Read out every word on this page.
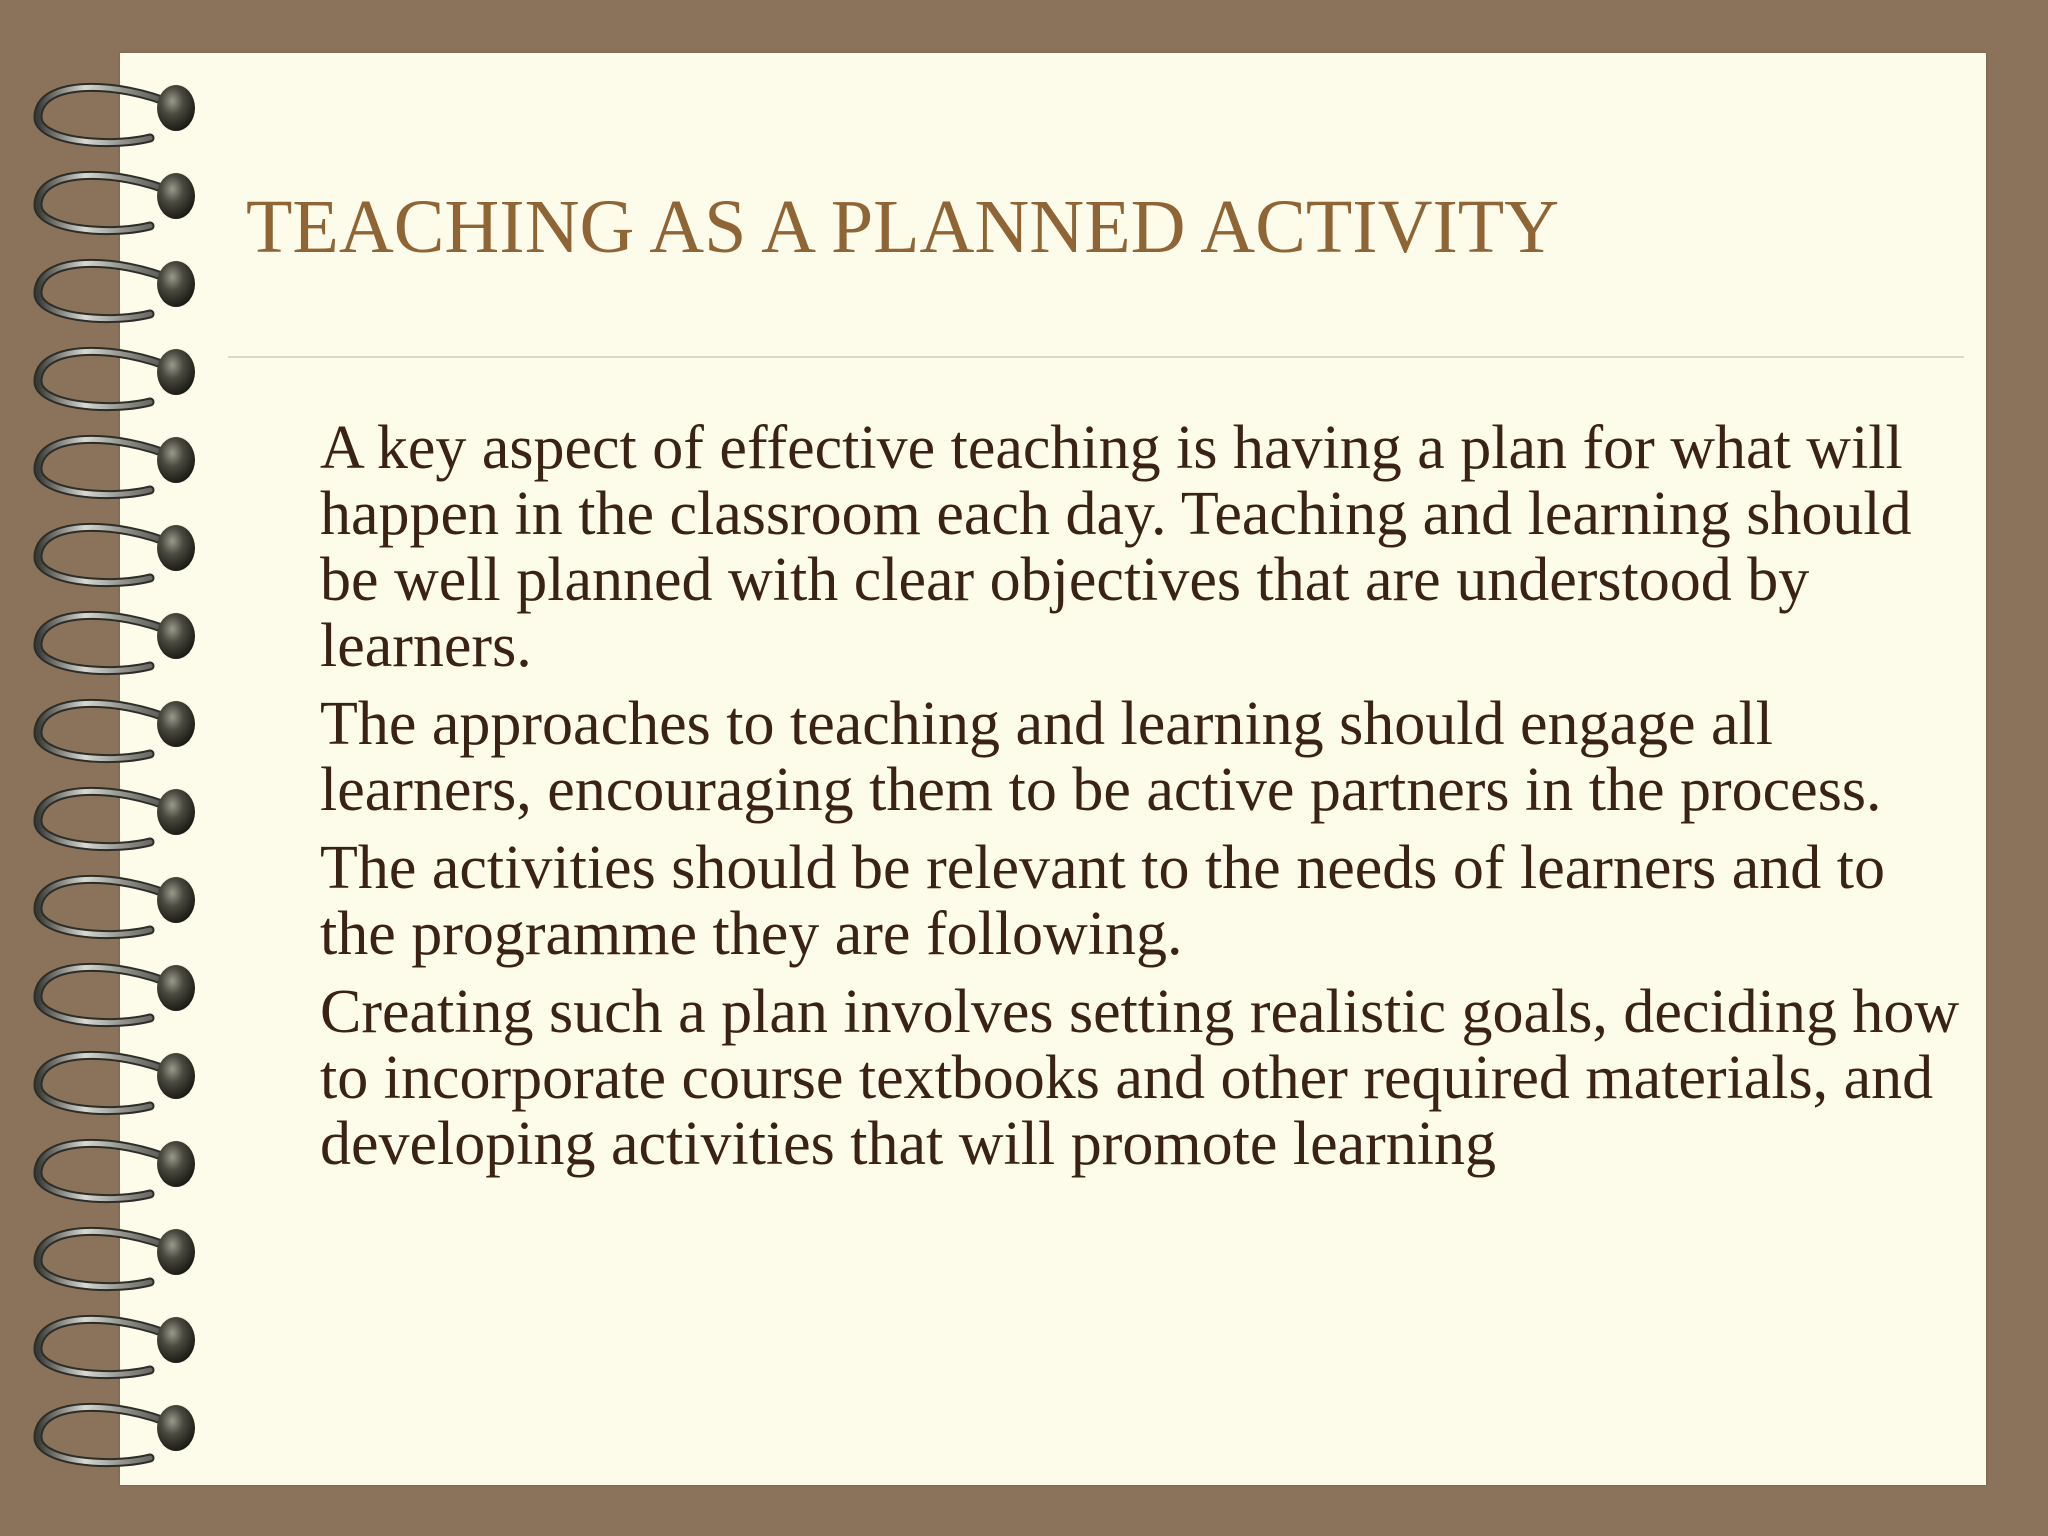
TEACHING AS A PLANNED ACTIVITY

A key aspect of effective teaching is having a plan for what will happen in the classroom each day. Teaching and learning should be well planned with clear objectives that are understood by learners.

The approaches to teaching and learning should engage all learners, encouraging them to be active partners in the process.

The activities should be relevant to the needs of learners and to the programme they are following.

Creating such a plan involves setting realistic goals, deciding how to incorporate course textbooks and other required materials, and developing activities that will promote learning
